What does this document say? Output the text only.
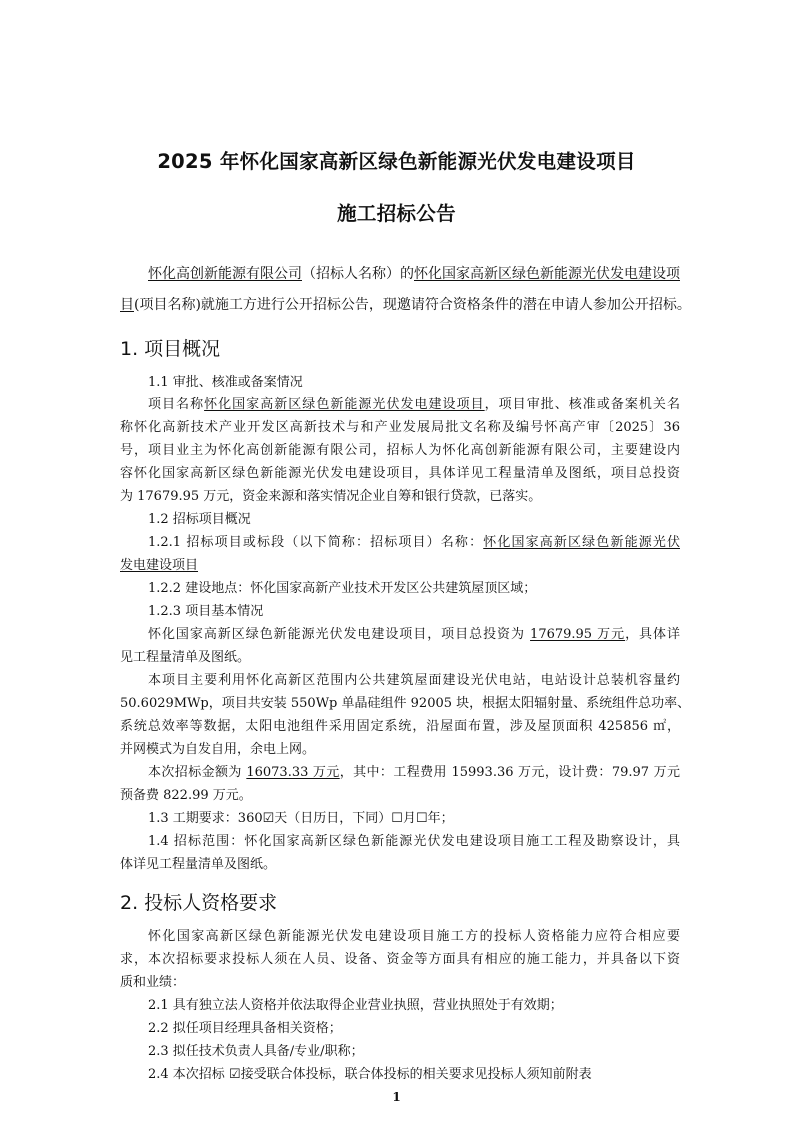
2025 年怀化国家高新区绿色新能源光伏发电建设项目
施工招标公告

怀化高创新能源有限公司（招标人名称）的怀化国家高新区绿色新能源光伏发电建设项

目(项目名称)就施工方进行公开招标公告，现邀请符合资格条件的潜在申请人参加公开招标。

1. 项目概况

1.1 审批、核准或备案情况

项目名称怀化国家高新区绿色新能源光伏发电建设项目，项目审批、核准或备案机关名

称怀化高新技术产业开发区高新技术与和产业发展局批文名称及编号怀高产审〔2025〕36

号，项目业主为怀化高创新能源有限公司，招标人为怀化高创新能源有限公司，主要建设内

容怀化国家高新区绿色新能源光伏发电建设项目，具体详见工程量清单及图纸，项目总投资

为 17679.95 万元，资金来源和落实情况企业自筹和银行贷款，已落实。

1.2 招标项目概况

1.2.1 招标项目或标段（以下简称：招标项目）名称：怀化国家高新区绿色新能源光伏

发电建设项目

1.2.2 建设地点：怀化国家高新产业技术开发区公共建筑屋顶区域；

1.2.3 项目基本情况

怀化国家高新区绿色新能源光伏发电建设项目，项目总投资为 17679.95 万元，具体详

见工程量清单及图纸。

本项目主要利用怀化高新区范围内公共建筑屋面建设光伏电站，电站设计总装机容量约

50.6029MWp，项目共安装 550Wp 单晶硅组件 92005 块，根据太阳辐射量、系统组件总功率、

系统总效率等数据，太阳电池组件采用固定系统，沿屋面布置，涉及屋顶面积 425856 ㎡，

并网模式为自发自用，余电上网。

本次招标金额为 16073.33 万元，其中：工程费用 15993.36 万元，设计费：79.97 万元

预备费 822.99 万元。

1.3 工期要求：360☑天（日历日，下同）☐月☐年；

1.4 招标范围：怀化国家高新区绿色新能源光伏发电建设项目施工工程及勘察设计，具

体详见工程量清单及图纸。

2. 投标人资格要求

怀化国家高新区绿色新能源光伏发电建设项目施工方的投标人资格能力应符合相应要

求，本次招标要求投标人须在人员、设备、资金等方面具有相应的施工能力，并具备以下资

质和业绩：

2.1 具有独立法人资格并依法取得企业营业执照，营业执照处于有效期；

2.2 拟任项目经理具备相关资格；

2.3 拟任技术负责人具备/专业/职称；

2.4 本次招标 ☑接受联合体投标，联合体投标的相关要求见投标人须知前附表

1
